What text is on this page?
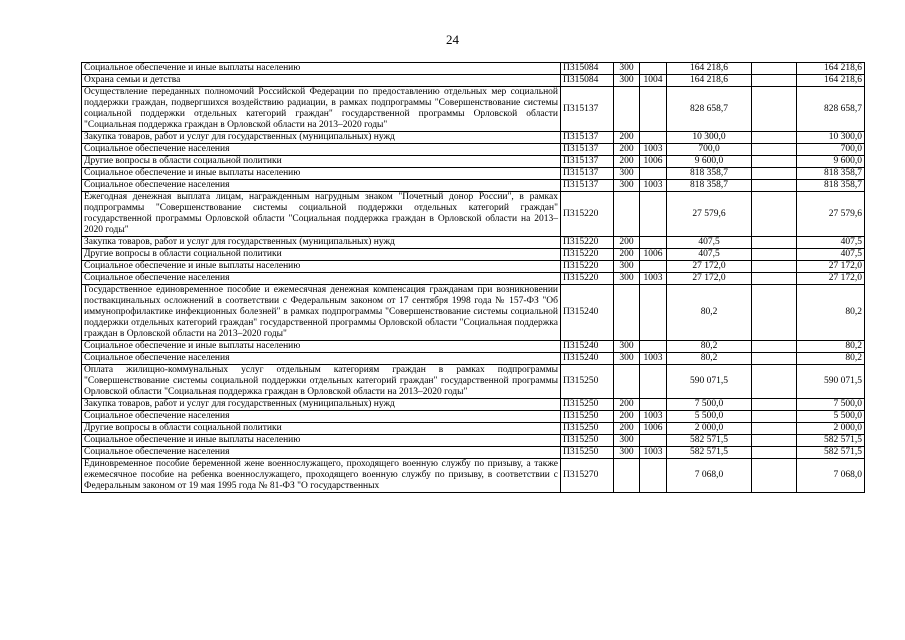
24
Социальное обеспечение и иные выплаты населению	П315084	300		164 218,6		164 218,6
Охрана семьи и детства	П315084	300	1004	164 218,6		164 218,6
Осуществление переданных полномочий Российской Федерации по предоставлению отдельных мер социальной поддержки граждан, подвергшихся воздействию радиации, в рамках подпрограммы "Совершенствование системы социальной поддержки отдельных категорий граждан" государственной программы Орловской области "Социальная поддержка граждан в Орловской области на 2013–2020 годы"	П315137			828 658,7		828 658,7
Закупка товаров, работ и услуг для государственных (муниципальных) нужд	П315137	200		10 300,0		10 300,0
Социальное обеспечение населения	П315137	200	1003	700,0		700,0
Другие вопросы в области социальной политики	П315137	200	1006	9 600,0		9 600,0
Социальное обеспечение и иные выплаты населению	П315137	300		818 358,7		818 358,7
Социальное обеспечение населения	П315137	300	1003	818 358,7		818 358,7
Ежегодная денежная выплата лицам, награжденным нагрудным знаком "Почетный донор России", в рамках подпрограммы "Совершенствование системы социальной поддержки отдельных категорий граждан" государственной программы Орловской области "Социальная поддержка граждан в Орловской области на 2013–2020 годы"	П315220			27 579,6		27 579,6
Закупка товаров, работ и услуг для государственных (муниципальных) нужд	П315220	200		407,5		407,5
Другие вопросы в области социальной политики	П315220	200	1006	407,5		407,5
Социальное обеспечение и иные выплаты населению	П315220	300		27 172,0		27 172,0
Социальное обеспечение населения	П315220	300	1003	27 172,0		27 172,0
Государственное единовременное пособие и ежемесячная денежная компенсация гражданам при возникновении поствакцинальных осложнений в соответствии с Федеральным законом от 17 сентября 1998 года № 157-ФЗ "Об иммунопрофилактике инфекционных болезней" в рамках подпрограммы "Совершенствование системы социальной поддержки отдельных категорий граждан" государственной программы Орловской области "Социальная поддержка граждан в Орловской области на 2013–2020 годы"	П315240			80,2		80,2
Социальное обеспечение и иные выплаты населению	П315240	300		80,2		80,2
Социальное обеспечение населения	П315240	300	1003	80,2		80,2
Оплата жилищно-коммунальных услуг отдельным категориям граждан в рамках подпрограммы "Совершенствование системы социальной поддержки отдельных категорий граждан" государственной программы Орловской области "Социальная поддержка граждан в Орловской области на 2013–2020 годы"	П315250			590 071,5		590 071,5
Закупка товаров, работ и услуг для государственных (муниципальных) нужд	П315250	200		7 500,0		7 500,0
Социальное обеспечение населения	П315250	200	1003	5 500,0		5 500,0
Другие вопросы в области социальной политики	П315250	200	1006	2 000,0		2 000,0
Социальное обеспечение и иные выплаты населению	П315250	300		582 571,5		582 571,5
Социальное обеспечение населения	П315250	300	1003	582 571,5		582 571,5
Единовременное пособие беременной жене военнослужащего, проходящего военную службу по призыву, а также ежемесячное пособие на ребенка военнослужащего, проходящего военную службу по призыву, в соответствии с Федеральным законом от 19 мая 1995 года № 81-ФЗ "О государственных	П315270			7 068,0		7 068,0
